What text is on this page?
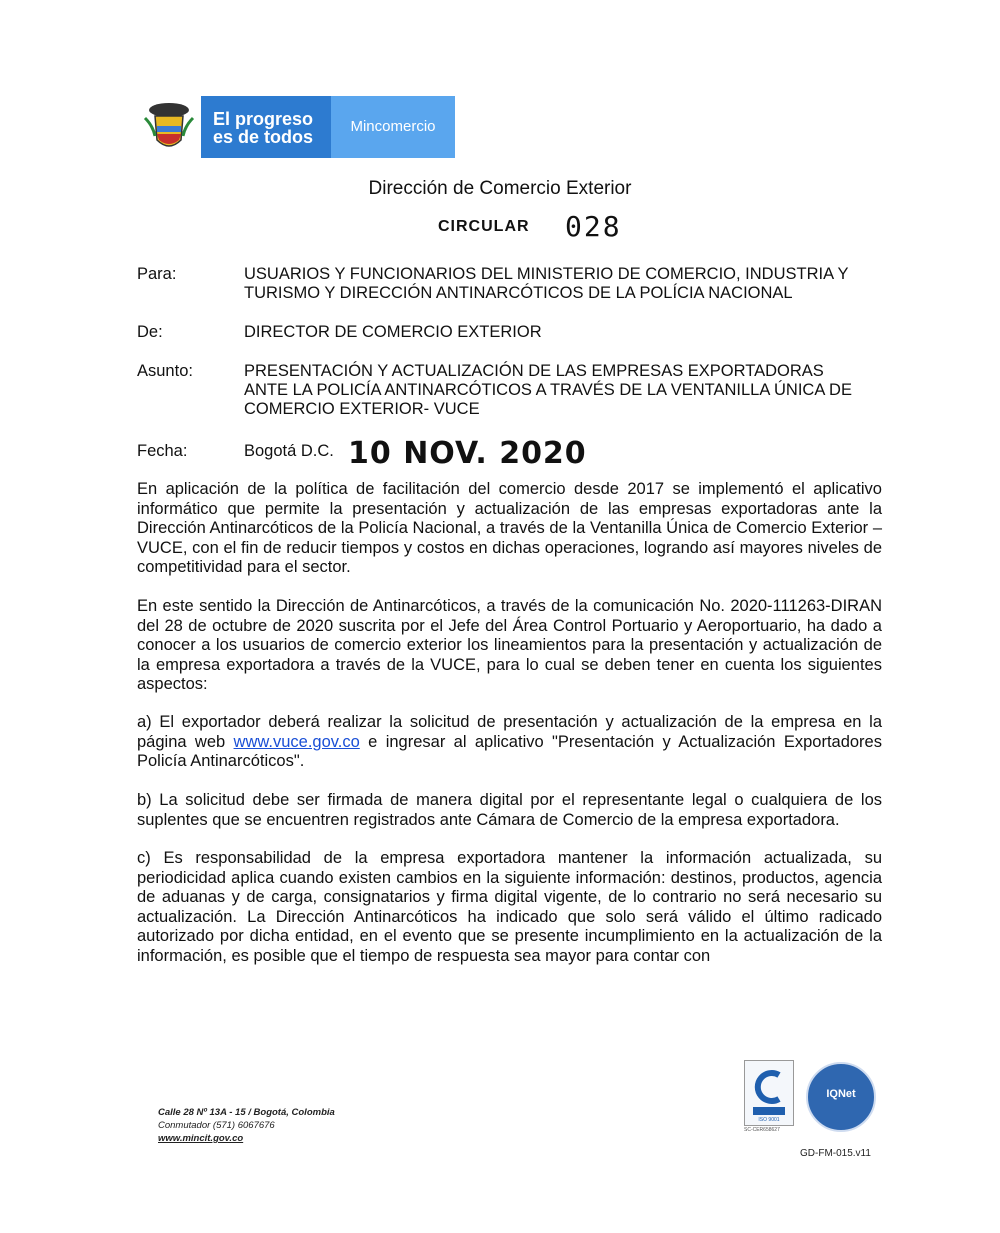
El progreso
es de todos
Mincomercio
Dirección de Comercio Exterior
CIRCULAR 028
Para:	USUARIOS Y FUNCIONARIOS DEL MINISTERIO DE COMERCIO, INDUSTRIA Y
TURISMO Y DIRECCIÓN ANTINARCÓTICOS DE LA POLÍCIA NACIONAL
De:	DIRECTOR DE COMERCIO EXTERIOR
Asunto:	PRESENTACIÓN Y ACTUALIZACIÓN DE LAS EMPRESAS EXPORTADORAS
ANTE LA POLICÍA ANTINARCÓTICOS A TRAVÉS DE LA VENTANILLA ÚNICA DE
COMERCIO EXTERIOR- VUCE
Fecha:	Bogotá D.C. 10 NOV. 2020
En aplicación de la política de facilitación del comercio desde 2017 se implementó el aplicativo informático que permite la presentación y actualización de las empresas exportadoras ante la Dirección Antinarcóticos de la Policía Nacional, a través de la Ventanilla Única de Comercio Exterior – VUCE, con el fin de reducir tiempos y costos en dichas operaciones, logrando así mayores niveles de competitividad para el sector.
En este sentido la Dirección de Antinarcóticos, a través de la comunicación No. 2020-111263-DIRAN del 28 de octubre de 2020 suscrita por el Jefe del Área Control Portuario y Aeroportuario, ha dado a conocer a los usuarios de comercio exterior los lineamientos para la presentación y actualización de la empresa exportadora a través de la VUCE, para lo cual se deben tener en cuenta los siguientes aspectos:
a) El exportador deberá realizar la solicitud de presentación y actualización de la empresa en la página web www.vuce.gov.co e ingresar al aplicativo "Presentación y Actualización Exportadores Policía Antinarcóticos".
b) La solicitud debe ser firmada de manera digital por el representante legal o cualquiera de los suplentes que se encuentren registrados ante Cámara de Comercio de la empresa exportadora.
c) Es responsabilidad de la empresa exportadora mantener la información actualizada, su periodicidad aplica cuando existen cambios en la siguiente información: destinos, productos, agencia de aduanas y de carga, consignatarios y firma digital vigente, de lo contrario no será necesario su actualización. La Dirección Antinarcóticos ha indicado que solo será válido el último radicado autorizado por dicha entidad, en el evento que se presente incumplimiento en la actualización de la información, es posible que el tiempo de respuesta sea mayor para contar con
Calle 28 Nº 13A - 15 / Bogotá, Colombia
Conmutador (571) 6067676
www.mincit.gov.co
ISO 9001
SC-CER658627
IQNet
GD-FM-015.v11
